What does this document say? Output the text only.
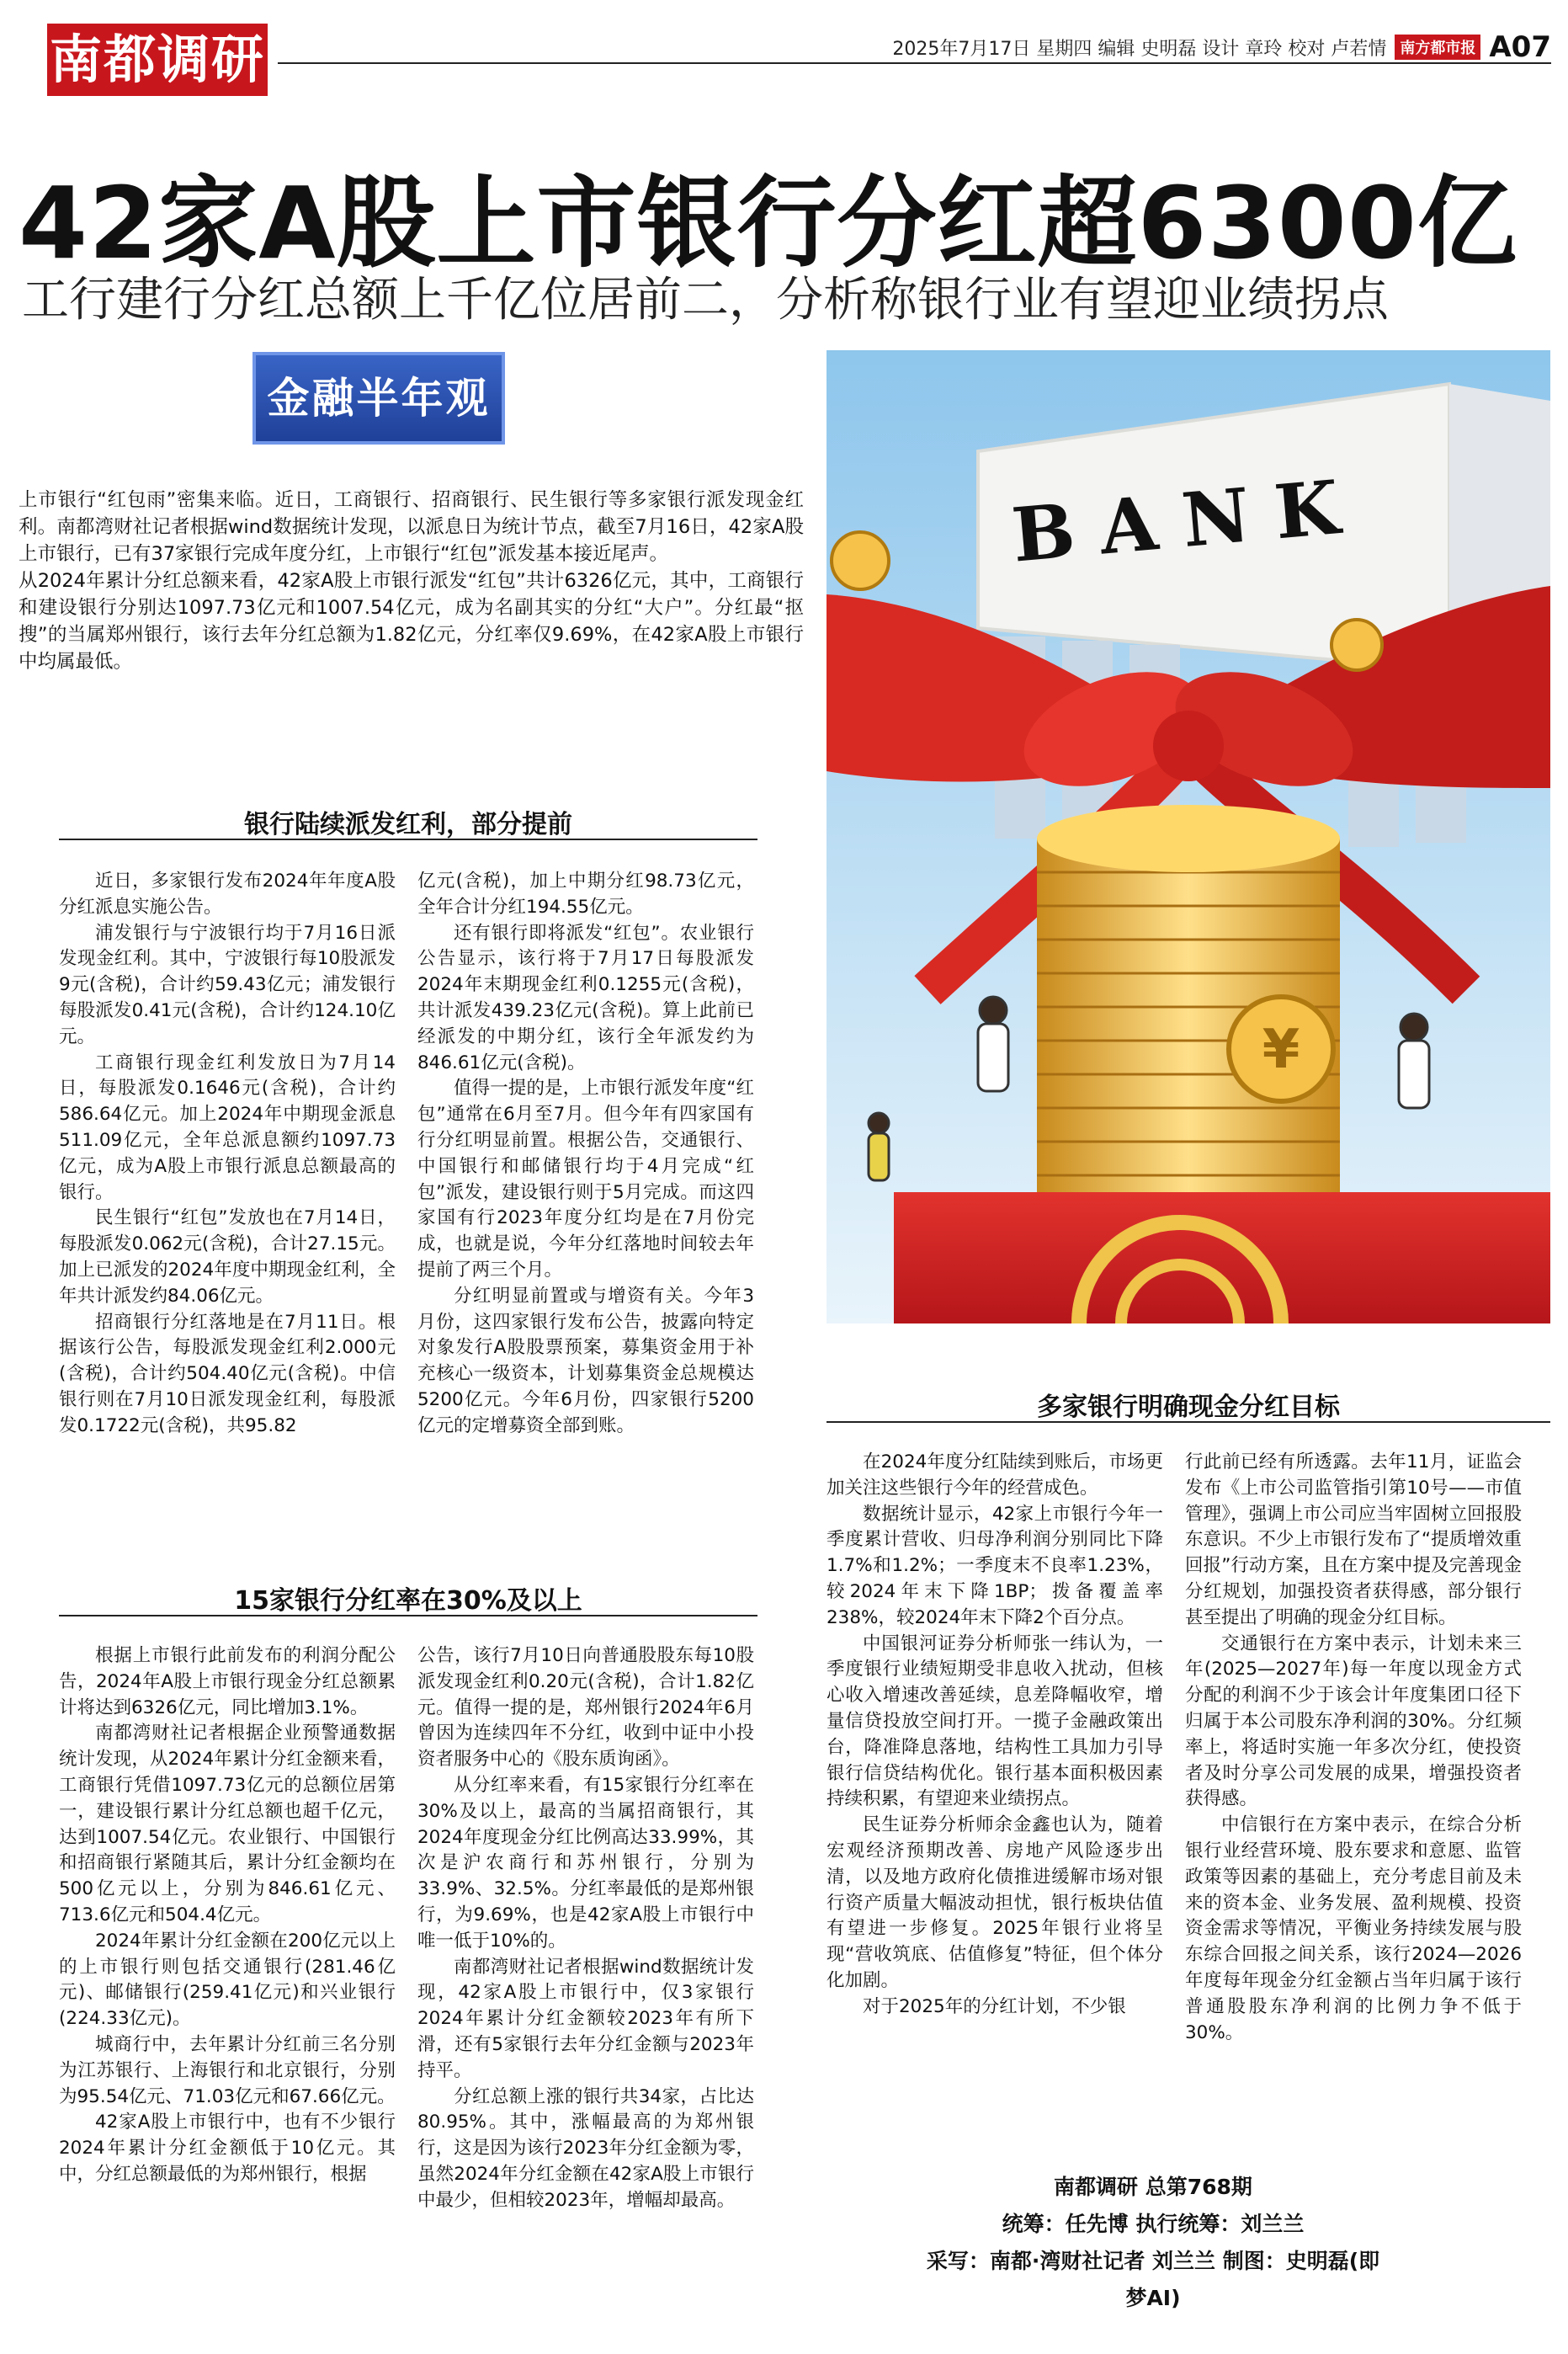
南都调研	2025年7月17日 星期四 编辑 史明磊 设计 章玲 校对 卢若情 南方都市报 A07
42家A股上市银行分红超6300亿
工行建行分红总额上千亿位居前二，分析称银行业有望迎业绩拐点
金融半年观
上市银行“红包雨”密集来临。近日，工商银行、招商银行、民生银行等多家银行派发现金红利。南都湾财社记者根据wind数据统计发现，以派息日为统计节点，截至7月16日，42家A股上市银行，已有37家银行完成年度分红，上市银行“红包”派发基本接近尾声。
从2024年累计分红总额来看，42家A股上市银行派发“红包”共计6326亿元，其中，工商银行和建设银行分别达1097.73亿元和1007.54亿元，成为名副其实的分红“大户”。分红最“抠搜”的当属郑州银行，该行去年分红总额为1.82亿元，分红率仅9.69%，在42家A股上市银行中均属最低。
银行陆续派发红利，部分提前

近日，多家银行发布2024年年度A股分红派息实施公告。

浦发银行与宁波银行均于7月16日派发现金红利。其中，宁波银行每10股派发9元(含税)，合计约59.43亿元；浦发银行每股派发0.41元(含税)，合计约124.10亿元。

工商银行现金红利发放日为7月14日，每股派发0.1646元(含税)，合计约586.64亿元。加上2024年中期现金派息511.09亿元，全年总派息额约1097.73亿元，成为A股上市银行派息总额最高的银行。

民生银行“红包”发放也在7月14日，每股派发0.062元(含税)，合计27.15元。加上已派发的2024年度中期现金红利，全年共计派发约84.06亿元。

招商银行分红落地是在7月11日。根据该行公告，每股派发现金红利2.000元(含税)，合计约504.40亿元(含税)。中信银行则在7月10日派发现金红利，每股派发0.1722元(含税)，共95.82

亿元(含税)，加上中期分红98.73亿元，全年合计分红194.55亿元。

还有银行即将派发“红包”。农业银行公告显示，该行将于7月17日每股派发2024年末期现金红利0.1255元(含税)，共计派发439.23亿元(含税)。算上此前已经派发的中期分红，该行全年派发约为846.61亿元(含税)。

值得一提的是，上市银行派发年度“红包”通常在6月至7月。但今年有四家国有行分红明显前置。根据公告，交通银行、中国银行和邮储银行均于4月完成“红包”派发，建设银行则于5月完成。而这四家国有行2023年度分红均是在7月份完成，也就是说，今年分红落地时间较去年提前了两三个月。

分红明显前置或与增资有关。今年3月份，这四家银行发布公告，披露向特定对象发行A股股票预案，募集资金用于补充核心一级资本，计划募集资金总规模达5200亿元。今年6月份，四家银行5200亿元的定增募资全部到账。

15家银行分红率在30%及以上

根据上市银行此前发布的利润分配公告，2024年A股上市银行现金分红总额累计将达到6326亿元，同比增加3.1%。

南都湾财社记者根据企业预警通数据统计发现，从2024年累计分红金额来看，工商银行凭借1097.73亿元的总额位居第一，建设银行累计分红总额也超千亿元，达到1007.54亿元。农业银行、中国银行和招商银行紧随其后，累计分红金额均在500亿元以上，分别为846.61亿元、713.6亿元和504.4亿元。

2024年累计分红金额在200亿元以上的上市银行则包括交通银行(281.46亿元)、邮储银行(259.41亿元)和兴业银行(224.33亿元)。

城商行中，去年累计分红前三名分别为江苏银行、上海银行和北京银行，分别为95.54亿元、71.03亿元和67.66亿元。

42家A股上市银行中，也有不少银行2024年累计分红金额低于10亿元。其中，分红总额最低的为郑州银行，根据

公告，该行7月10日向普通股股东每10股派发现金红利0.20元(含税)，合计1.82亿元。值得一提的是，郑州银行2024年6月曾因为连续四年不分红，收到中证中小投资者服务中心的《股东质询函》。

从分红率来看，有15家银行分红率在30%及以上，最高的当属招商银行，其2024年度现金分红比例高达33.99%，其次是沪农商行和苏州银行，分别为33.9%、32.5%。分红率最低的是郑州银行，为9.69%，也是42家A股上市银行中唯一低于10%的。

南都湾财社记者根据wind数据统计发现，42家A股上市银行中，仅3家银行2024年累计分红金额较2023年有所下滑，还有5家银行去年分红金额与2023年持平。

分红总额上涨的银行共34家，占比达80.95%。其中，涨幅最高的为郑州银行，这是因为该行2023年分红金额为零，虽然2024年分红金额在42家A股上市银行中最少，但相较2023年，增幅却最高。

BANK
¥
多家银行明确现金分红目标

在2024年度分红陆续到账后，市场更加关注这些银行今年的经营成色。

数据统计显示，42家上市银行今年一季度累计营收、归母净利润分别同比下降1.7%和1.2%；一季度末不良率1.23%，较2024年末下降1BP；拨备覆盖率238%，较2024年末下降2个百分点。

中国银河证券分析师张一纬认为，一季度银行业绩短期受非息收入扰动，但核心收入增速改善延续，息差降幅收窄，增量信贷投放空间打开。一揽子金融政策出台，降准降息落地，结构性工具加力引导银行信贷结构优化。银行基本面积极因素持续积累，有望迎来业绩拐点。

民生证券分析师余金鑫也认为，随着宏观经济预期改善、房地产风险逐步出清，以及地方政府化债推进缓解市场对银行资产质量大幅波动担忧，银行板块估值有望进一步修复。2025年银行业将呈现“营收筑底、估值修复”特征，但个体分化加剧。

对于2025年的分红计划，不少银

行此前已经有所透露。去年11月，证监会发布《上市公司监管指引第10号——市值管理》，强调上市公司应当牢固树立回报股东意识。不少上市银行发布了“提质增效重回报”行动方案，且在方案中提及完善现金分红规划，加强投资者获得感，部分银行甚至提出了明确的现金分红目标。

交通银行在方案中表示，计划未来三年(2025—2027年)每一年度以现金方式分配的利润不少于该会计年度集团口径下归属于本公司股东净利润的30%。分红频率上，将适时实施一年多次分红，使投资者及时分享公司发展的成果，增强投资者获得感。

中信银行在方案中表示，在综合分析银行业经营环境、股东要求和意愿、监管政策等因素的基础上，充分考虑目前及未来的资本金、业务发展、盈利规模、投资资金需求等情况，平衡业务持续发展与股东综合回报之间关系，该行2024—2026年度每年现金分红金额占当年归属于该行普通股股东净利润的比例力争不低于30%。

南都调研 总第768期
统筹：任先博 执行统筹：刘兰兰
采写：南都·湾财社记者 刘兰兰 制图：史明磊(即梦AI)
